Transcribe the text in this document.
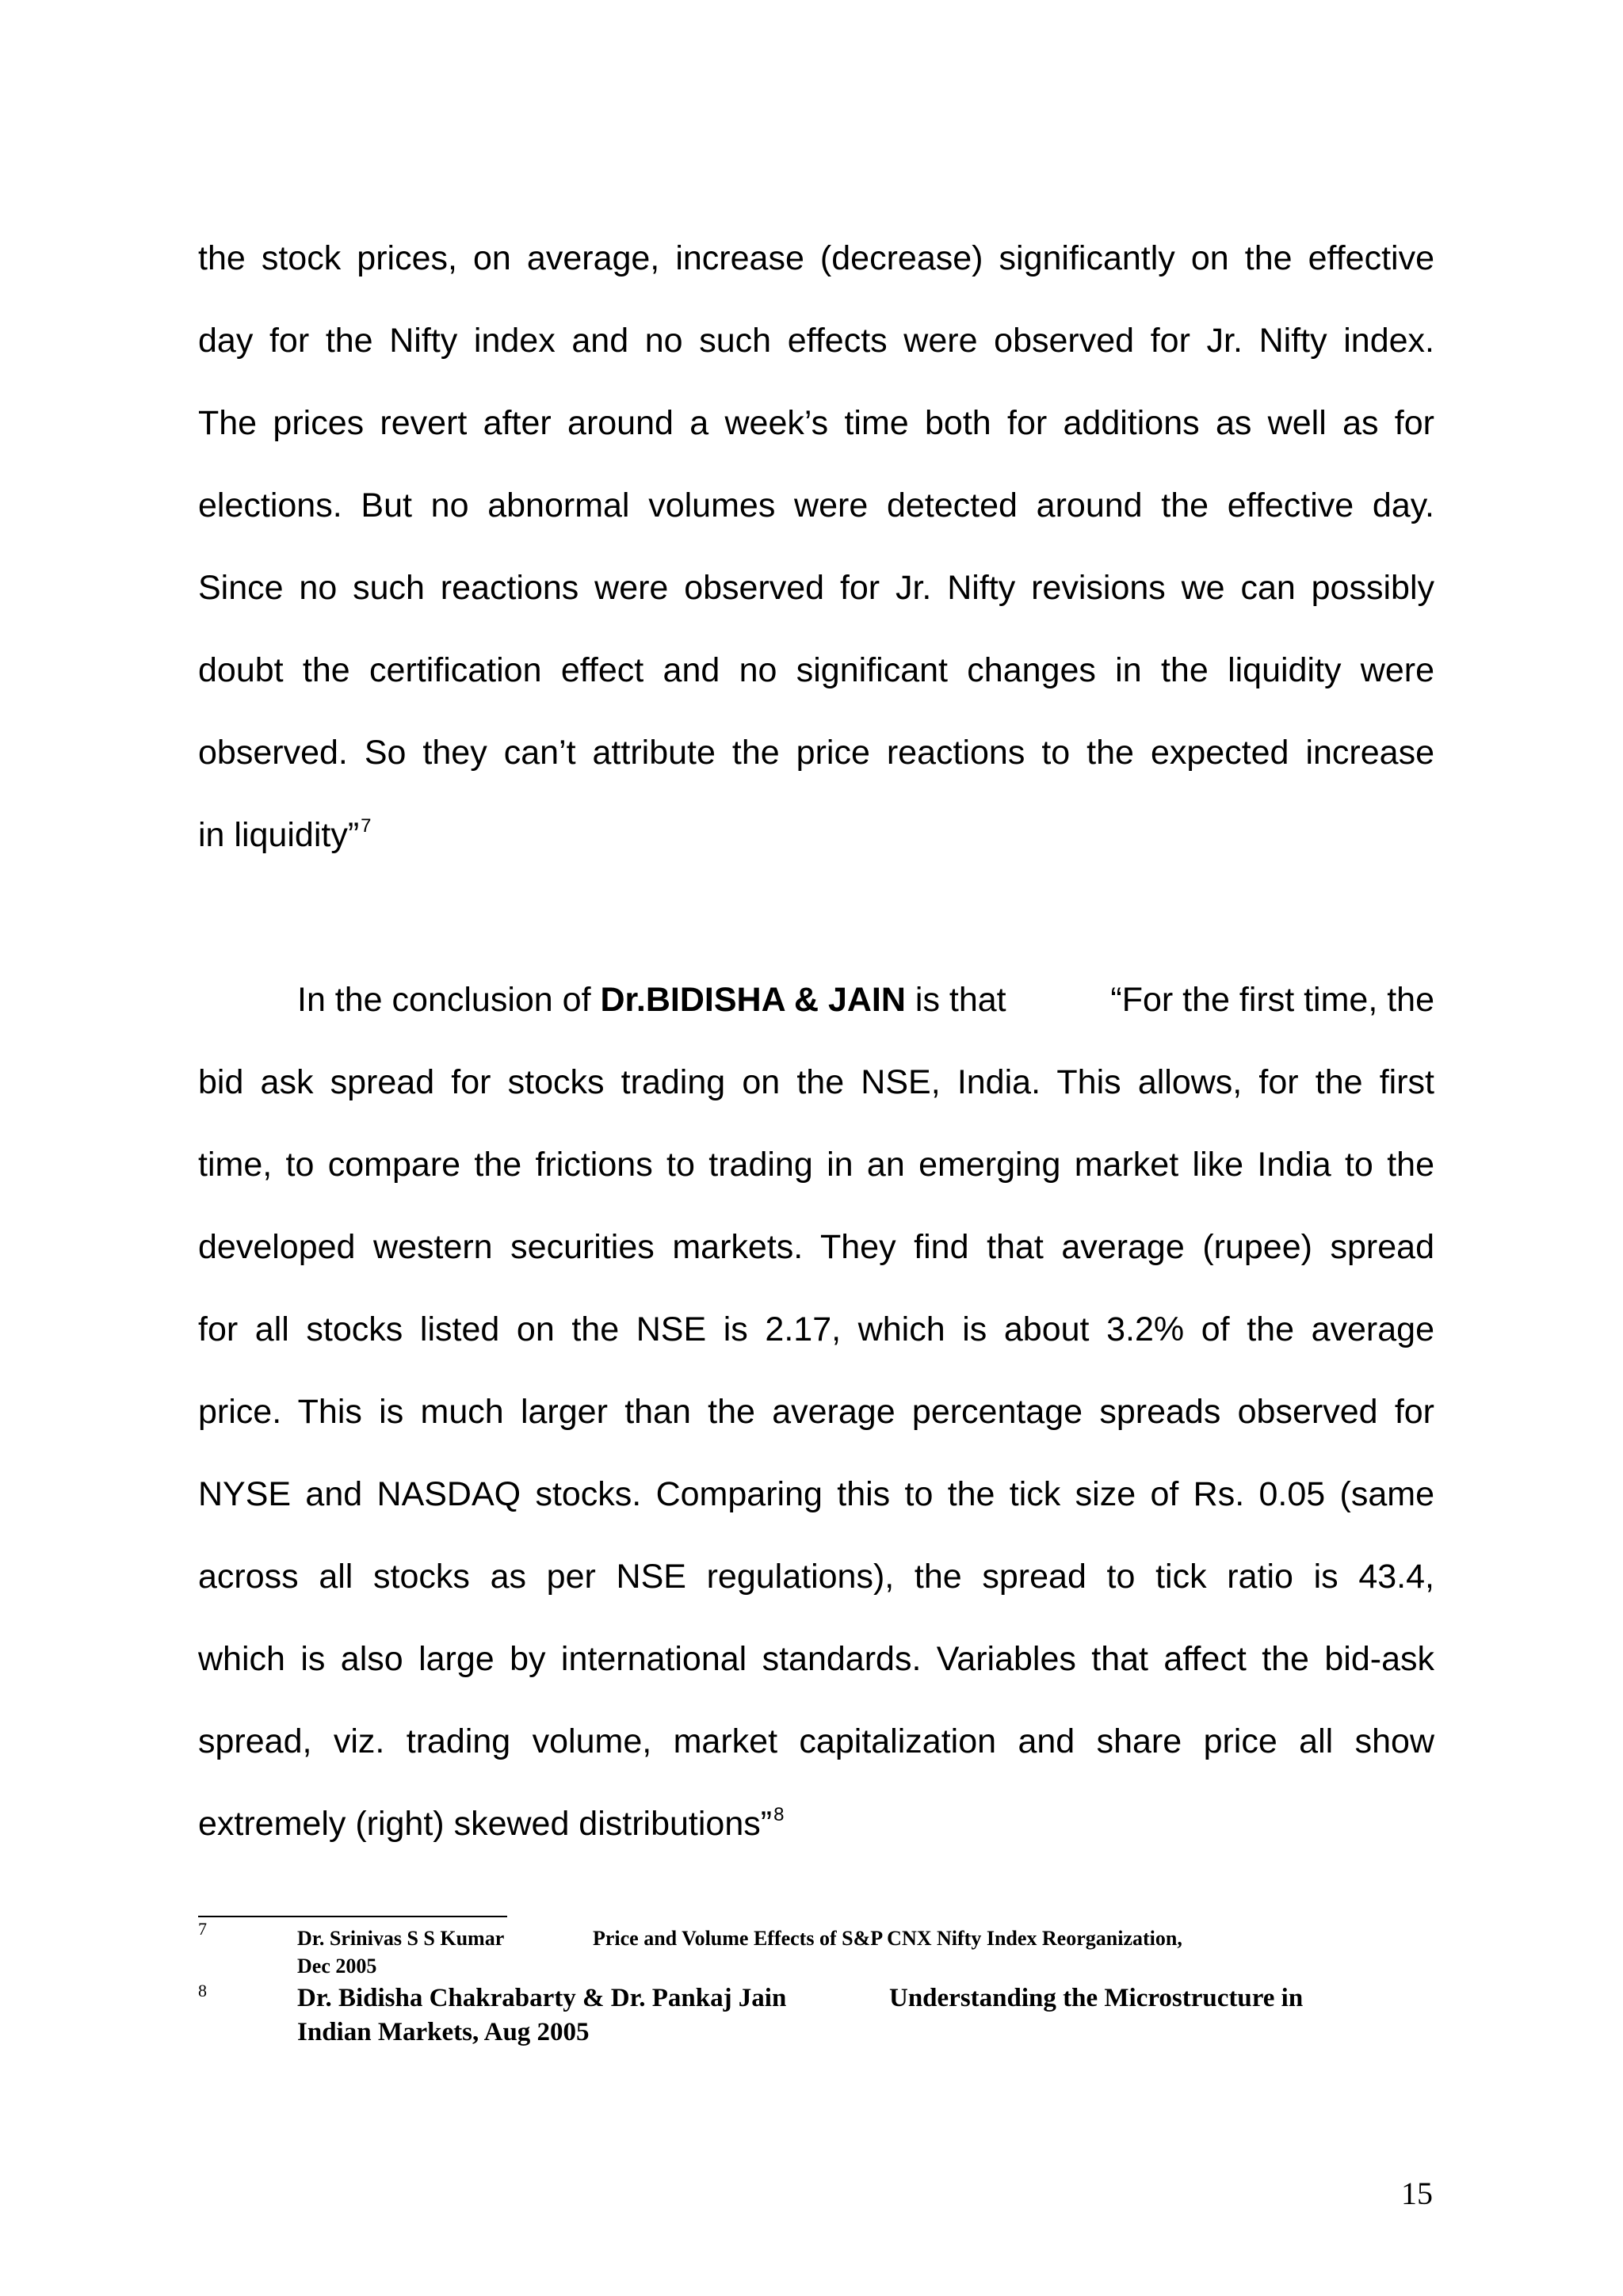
the stock prices, on average, increase (decrease) significantly on the effective
day for the Nifty index and no such effects were observed for Jr. Nifty index.
The prices revert after around a week’s time both for additions as well as for
elections. But no abnormal volumes were detected around the effective day.
Since no such reactions were observed for Jr. Nifty revisions we can possibly
doubt the certification effect and no significant changes in the liquidity were
observed. So they can’t attribute the price reactions to the expected increase
in liquidity”$^7$
In the conclusion of Dr.BIDISHA & JAIN is that	“For the first time, the
bid ask spread for stocks trading on the NSE, India. This allows, for the first
time, to compare the frictions to trading in an emerging market like India to the
developed western securities markets. They find that average (rupee) spread
for all stocks listed on the NSE is 2.17, which is about 3.2% of the average
price. This is much larger than the average percentage spreads observed for
NYSE and NASDAQ stocks. Comparing this to the tick size of Rs. 0.05 (same
across all stocks as per NSE regulations), the spread to tick ratio is 43.4,
which is also large by international standards. Variables that affect the bid-ask
spread, viz. trading volume, market capitalization and share price all show
extremely (right) skewed distributions”$^8$
7	Dr. Srinivas S S Kumar	Price and Volume Effects of S&P CNX Nifty Index Reorganization,
Dec 2005
8	Dr. Bidisha Chakrabarty & Dr. Pankaj Jain	Understanding the Microstructure in
Indian Markets, Aug 2005
15
